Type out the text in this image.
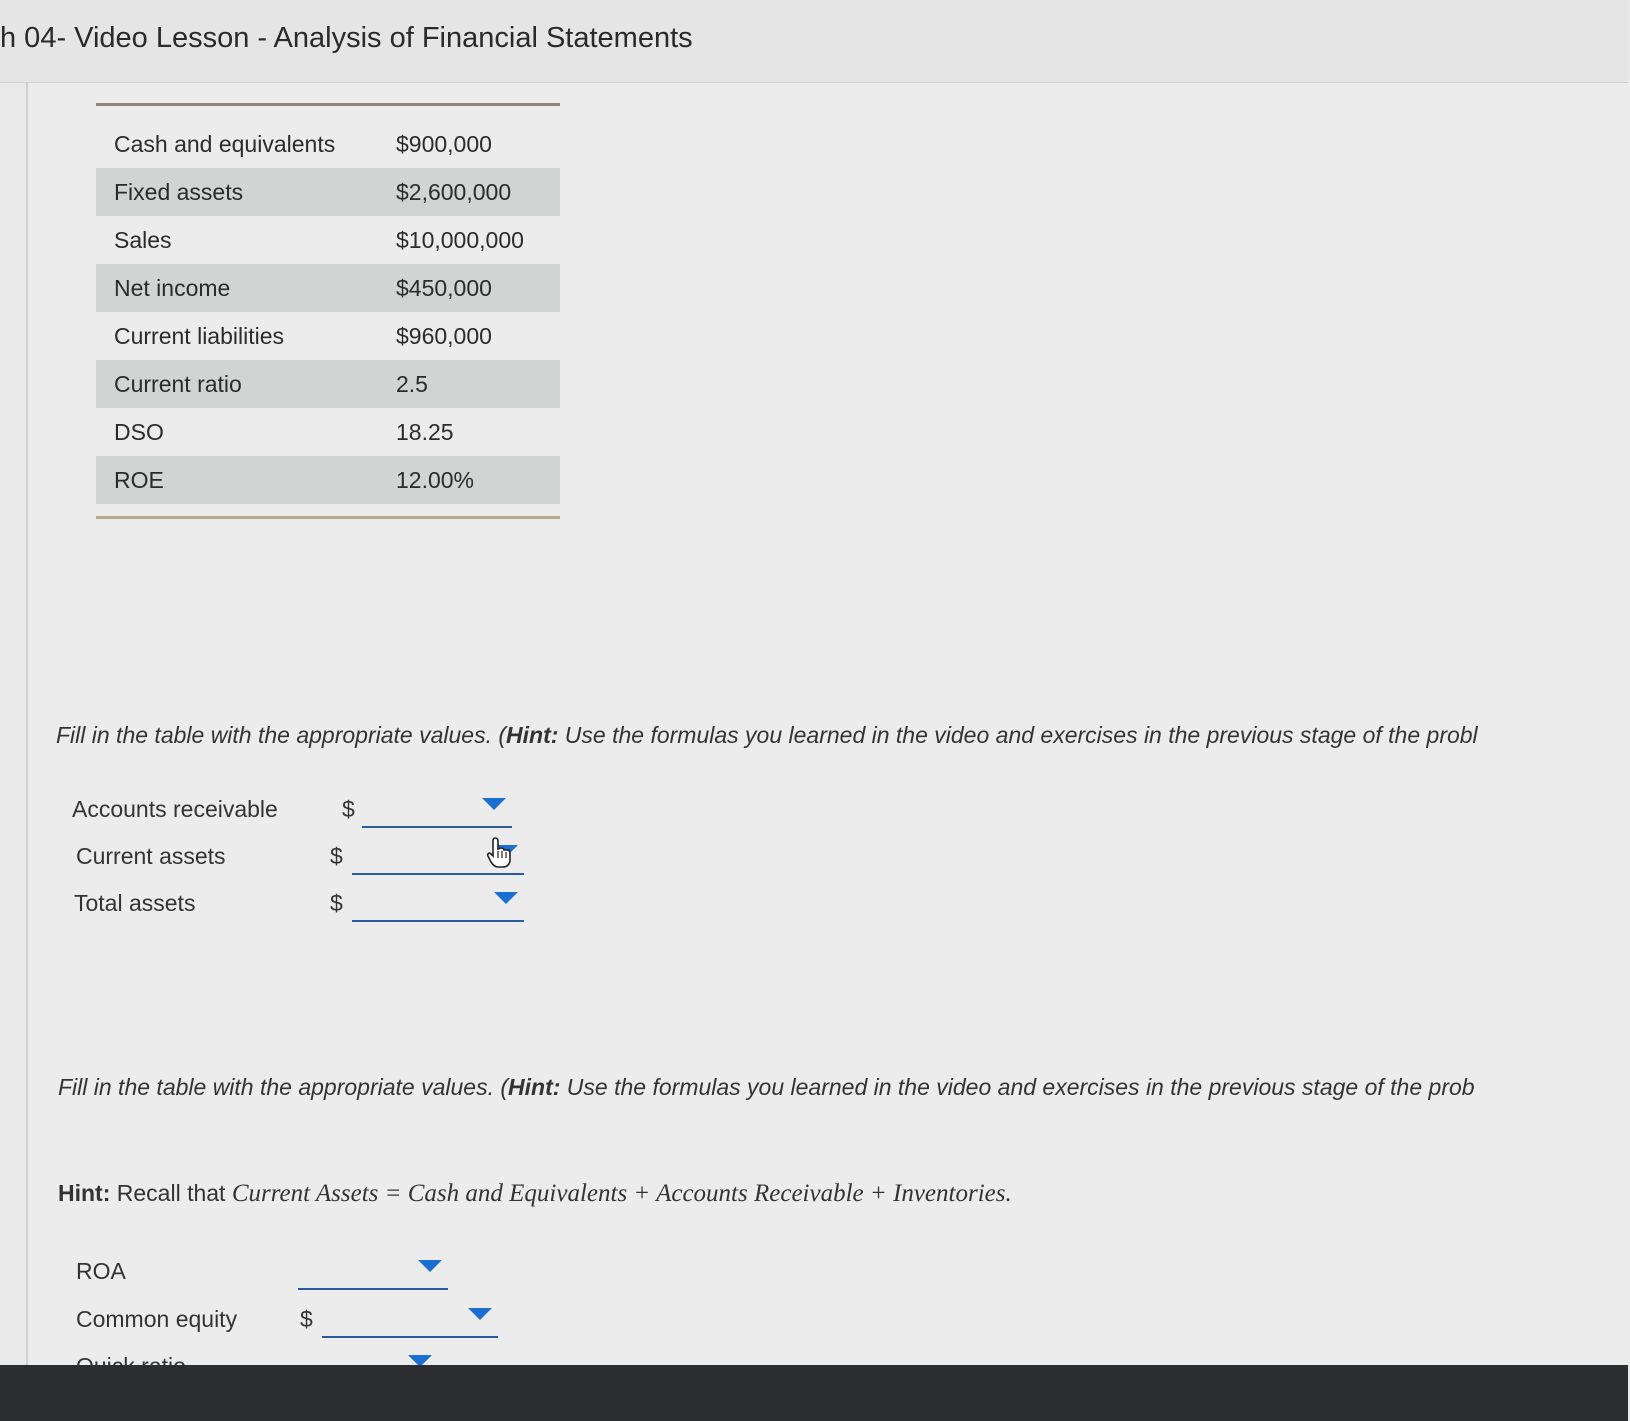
h 04- Video Lesson - Analysis of Financial Statements
Cash and equivalents	$900,000
Fixed assets	$2,600,000
Sales	$10,000,000
Net income	$450,000
Current liabilities	$960,000
Current ratio	2.5
DSO	18.25
ROE	12.00%
Fill in the table with the appropriate values. (Hint: Use the formulas you learned in the video and exercises in the previous stage of the probl
Accounts receivable	$
Current assets	$
Total assets	$
Fill in the table with the appropriate values. (Hint: Use the formulas you learned in the video and exercises in the previous stage of the prob
Hint: Recall that Current Assets = Cash and Equivalents + Accounts Receivable + Inventories.
ROA
Common equity	$
